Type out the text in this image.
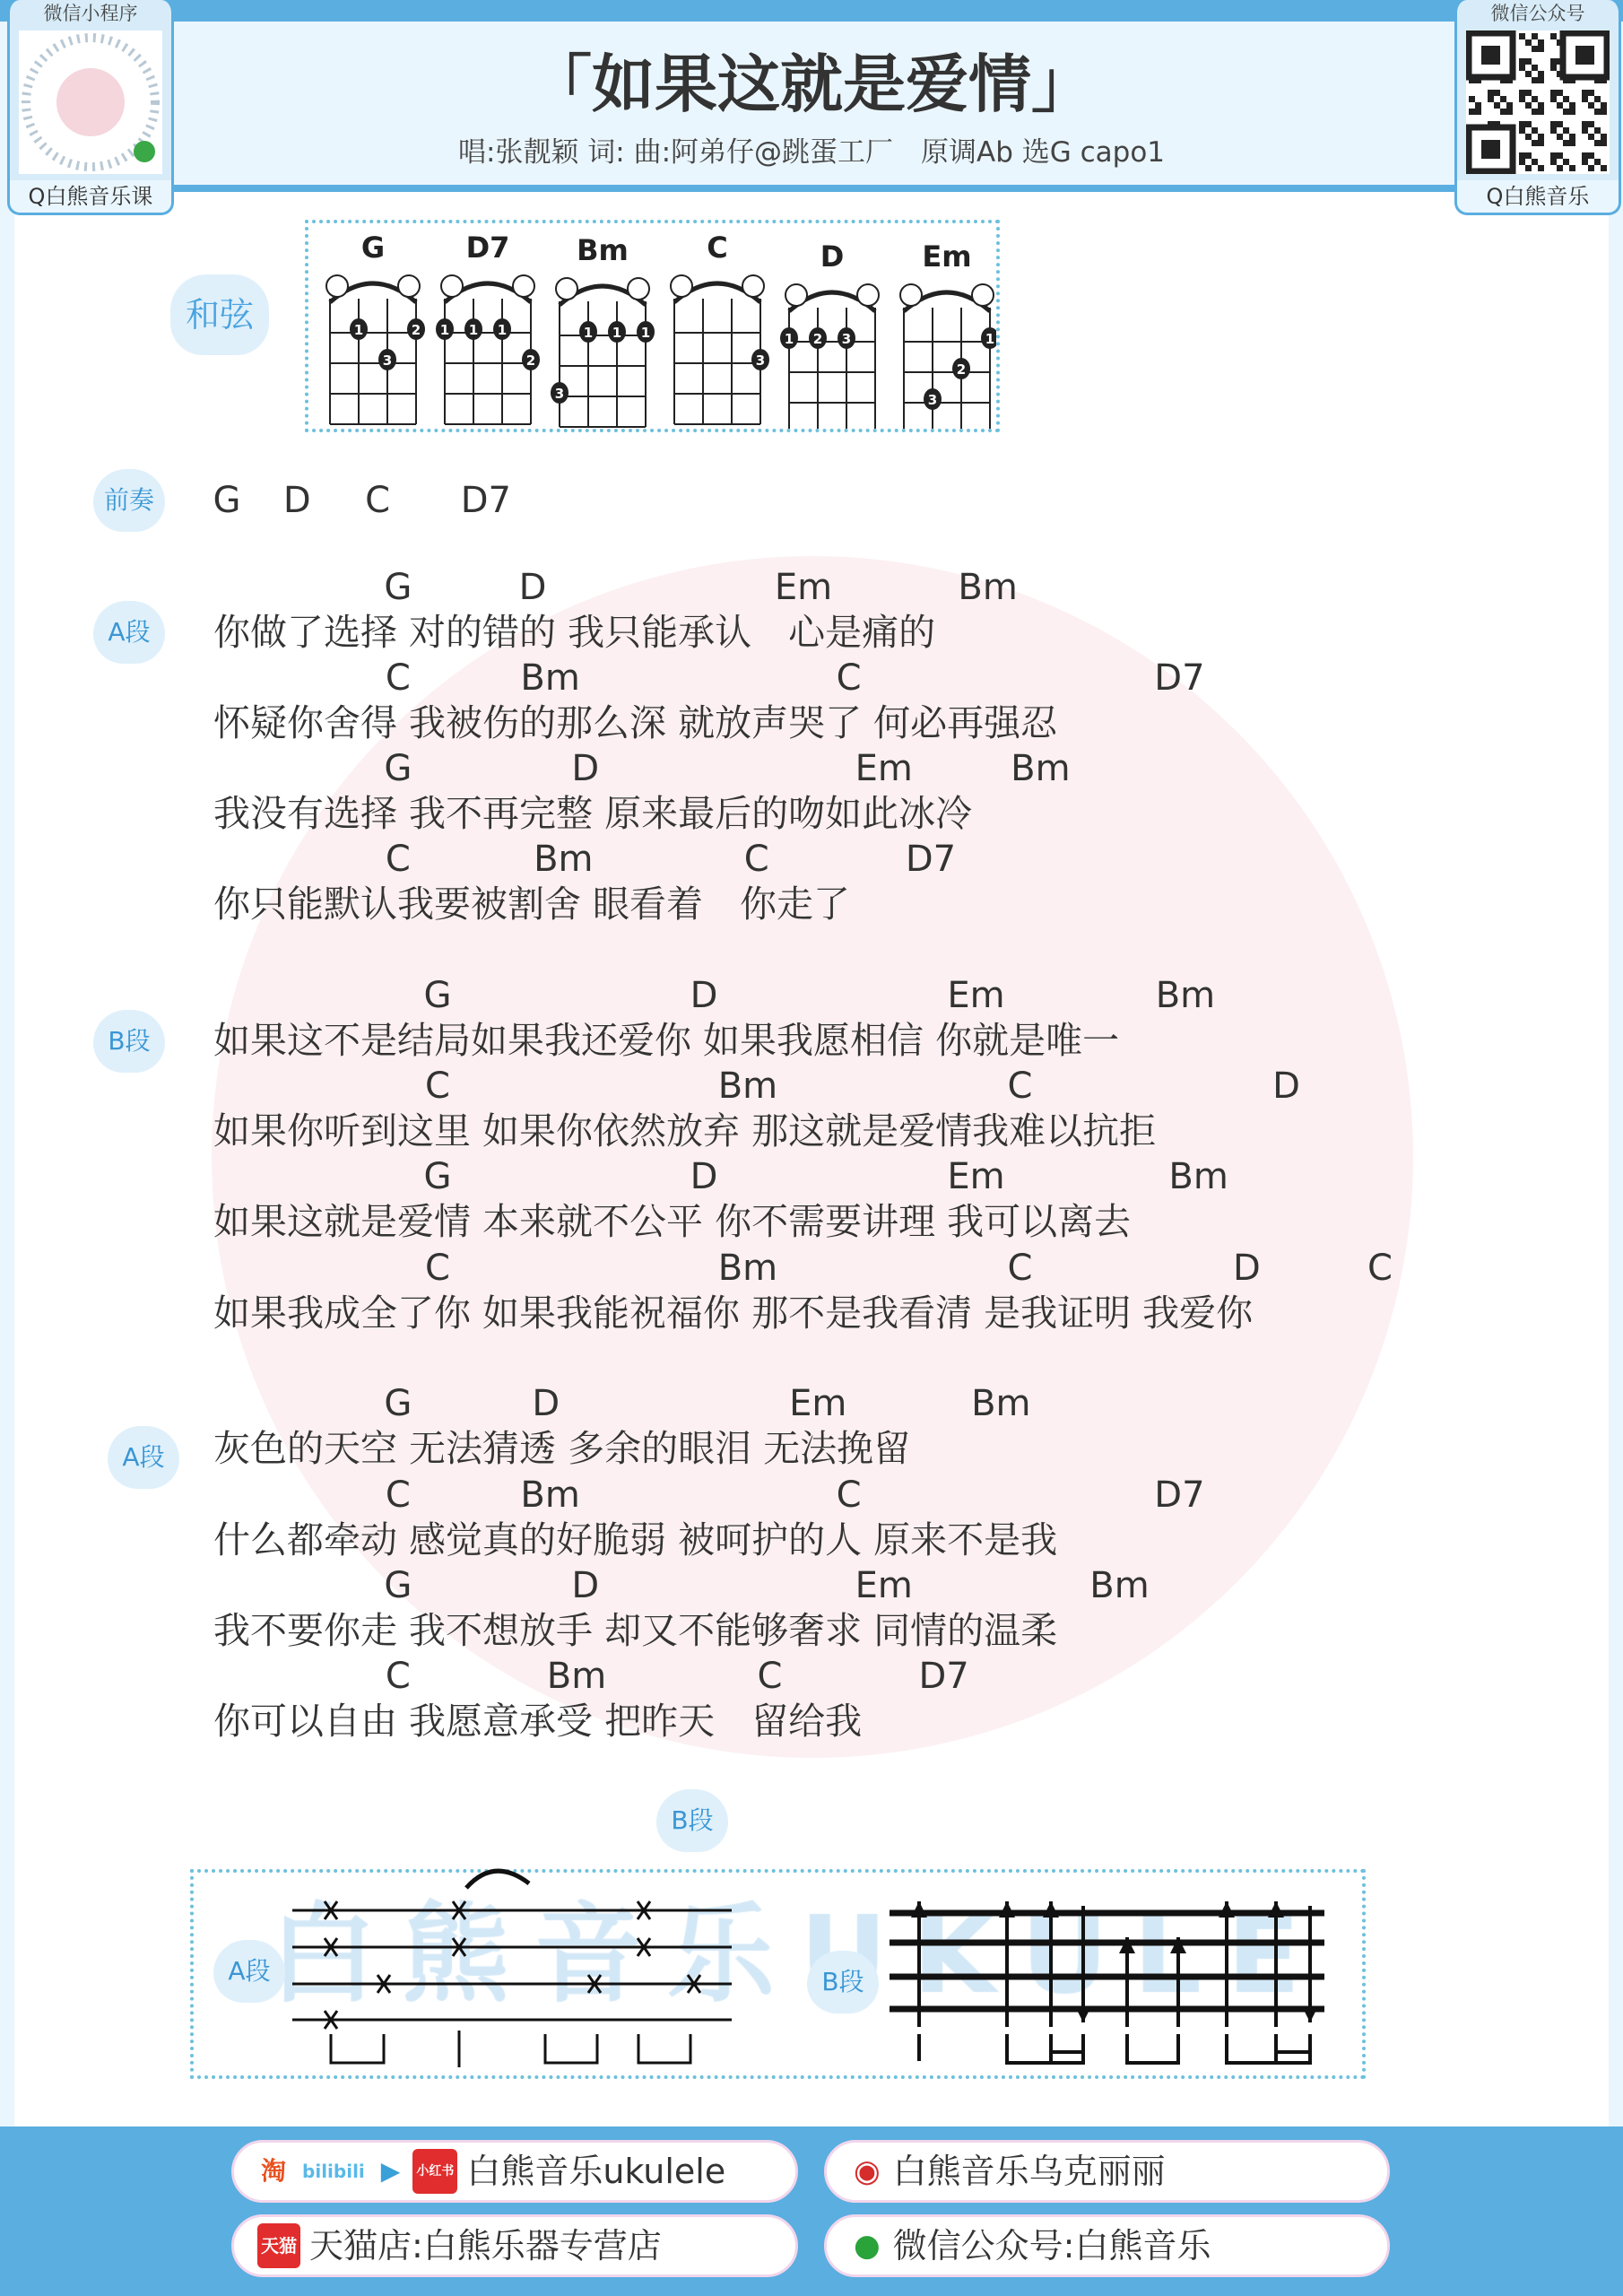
微信小程序
Q白熊音乐课
微信公众号
Q白熊音乐
「如果这就是爱情」
唱:张靓颖 词: 曲:阿弟仔@跳蛋工厂　原调Ab 选G capo1
和弦
G
1	2
3
D7
1 1 1
2
Bm
1 1 1
3
C
3
D
1 2 3
Em
1
2
3
前奏	G D C D7
A段
G	D	Em	Bm
你做了选择 对的错的 我只能承认　心是痛的
C	Bm	C	D7
怀疑你舍得 我被伤的那么深 就放声哭了 何必再强忍
G	D	Em	Bm
我没有选择 我不再完整 原来最后的吻如此冰冷
C	Bm	C	D7
你只能默认我要被割舍 眼看着　你走了
B段
G	D	Em	Bm
如果这不是结局如果我还爱你 如果我愿相信 你就是唯一
C	Bm	C	D
如果你听到这里 如果你依然放弃 那这就是爱情我难以抗拒
G	D	Em	Bm
如果这就是爱情 本来就不公平 你不需要讲理 我可以离去
C	Bm	C	D	C
如果我成全了你 如果我能祝福你 那不是我看清 是我证明 我爱你
A段
G	D	Em	Bm
灰色的天空 无法猜透 多余的眼泪 无法挽留
C	Bm	C	D7
什么都牵动 感觉真的好脆弱 被呵护的人 原来不是我
G	D	Em	Bm
我不要你走 我不想放手 却又不能够奢求 同情的温柔
C	Bm	C	D7
你可以自由 我愿意承受 把昨天　留给我
B段
A段	B段
淘 bilibili ▶ 小红书 白熊音乐ukulele	◉ 白熊音乐乌克丽丽
天猫 天猫店:白熊乐器专营店	● 微信公众号:白熊音乐
